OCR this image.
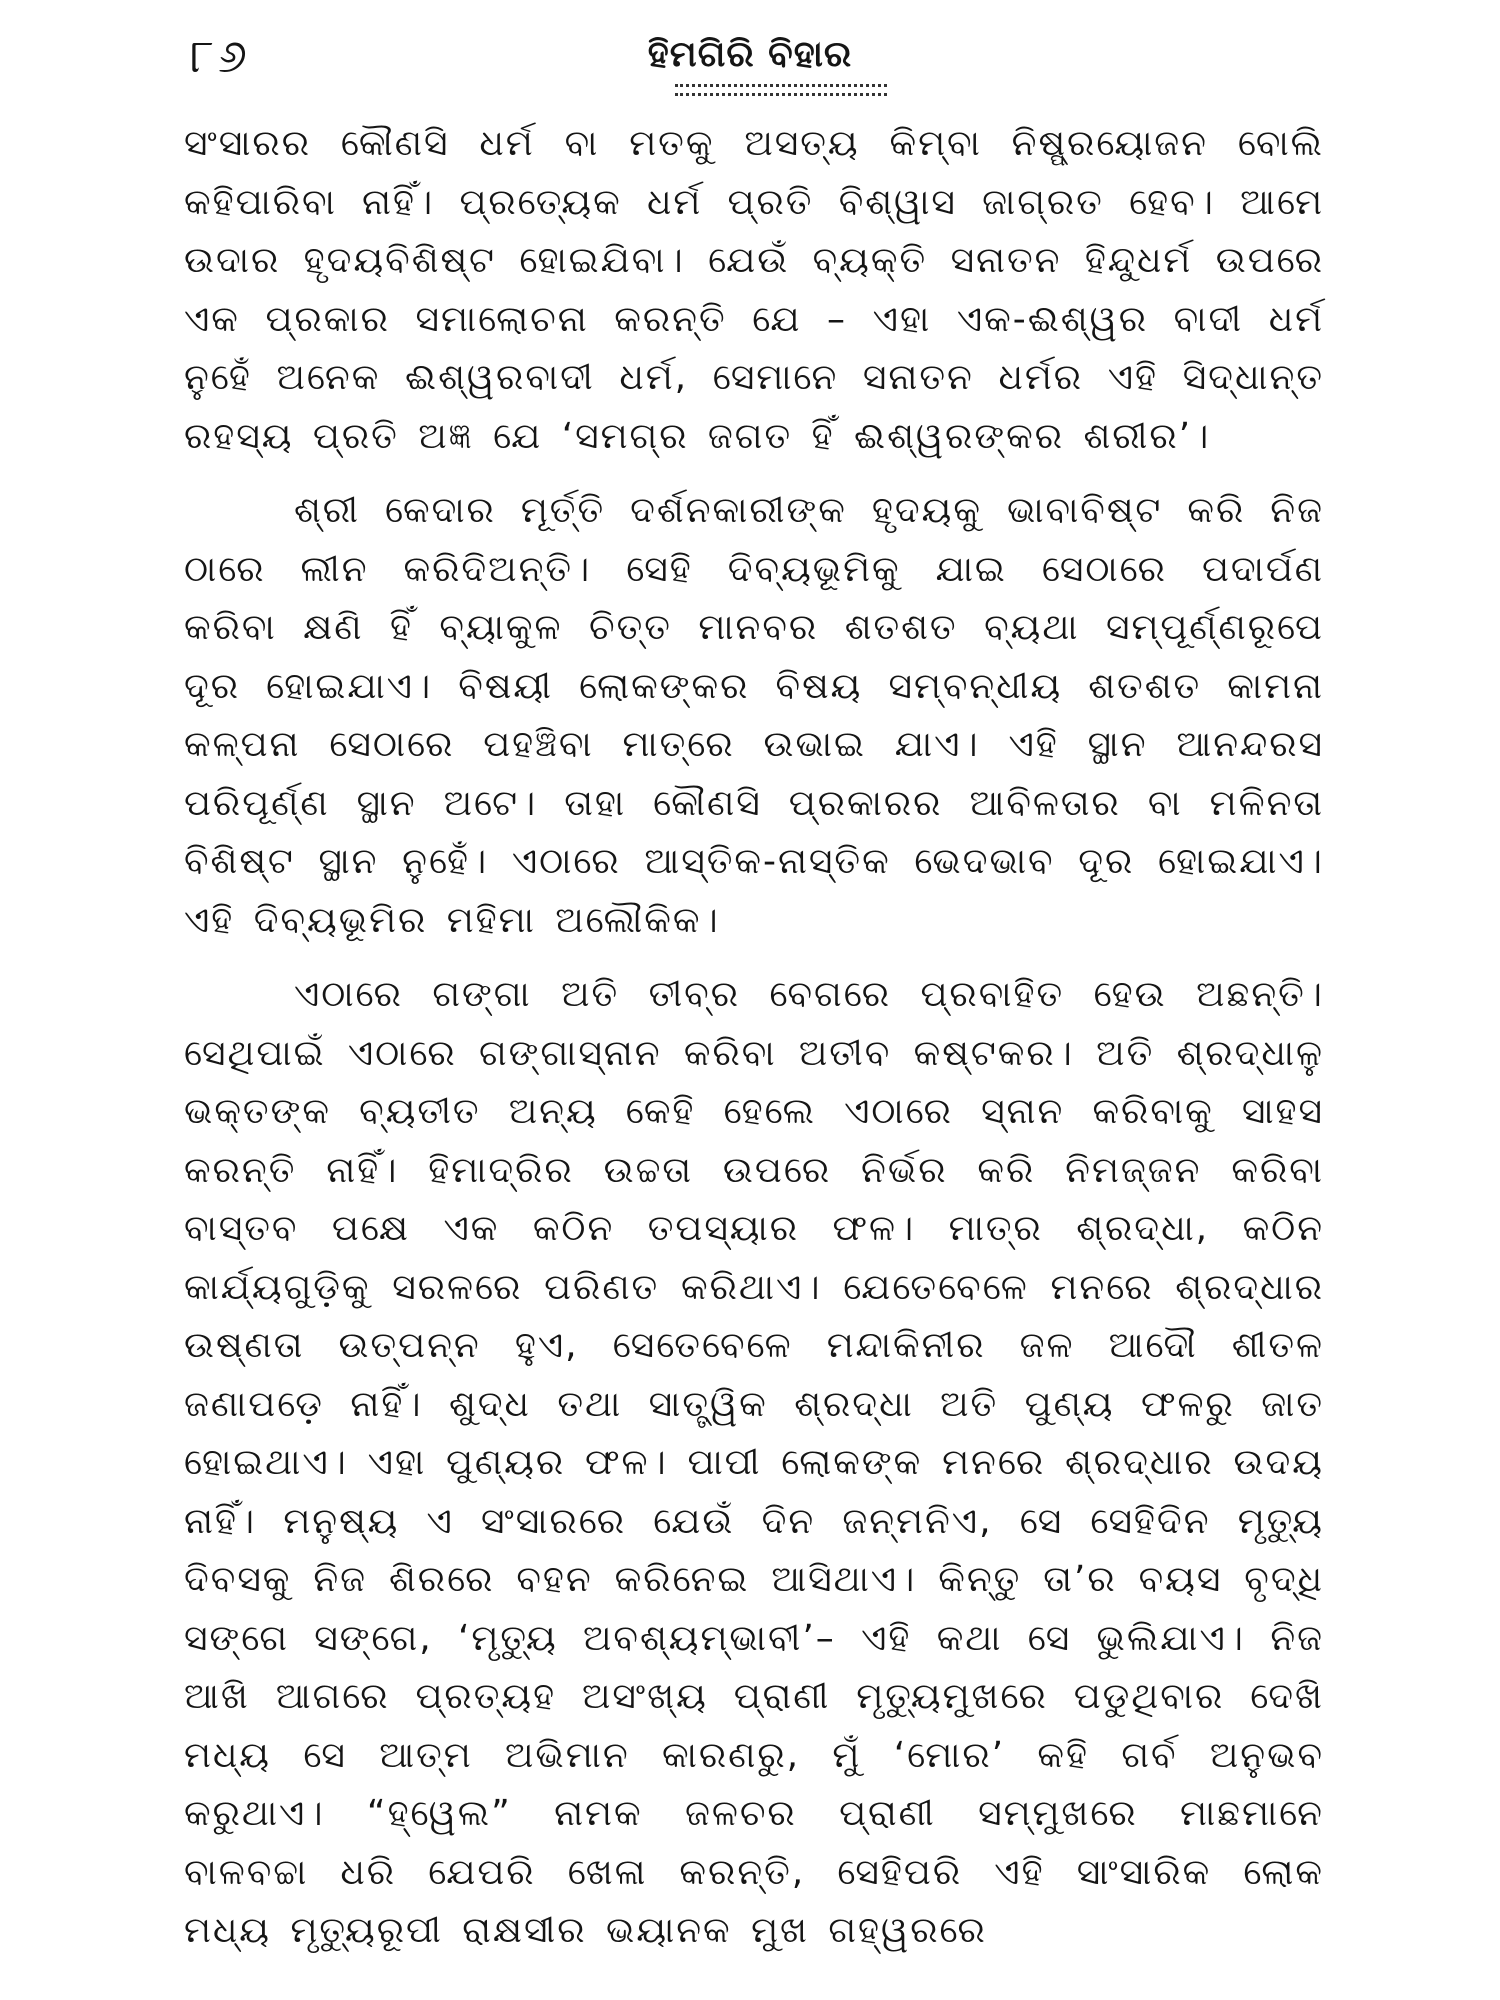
୮୬	ହିମଗିରି ବିହାର

ସଂସାରର କୌଣସି ଧର୍ମ ବା ମତକୁ ଅସତ୍ୟ କିମ୍ବା ନିଷ୍ପ୍ରୟୋଜନ ବୋଲି କହିପାରିବା ନାହିଁ। ପ୍ରତ୍ୟେକ ଧର୍ମ ପ୍ରତି ବିଶ୍ୱାସ ଜାଗ୍ରତ ହେବ। ଆମେ ଉଦାର ହୃଦୟବିଶିଷ୍ଟ ହୋଇଯିବା। ଯେଉଁ ବ୍ୟକ୍ତି ସନାତନ ହିନ୍ଦୁଧର୍ମ ଉପରେ ଏକ ପ୍ରକାର ସମାଲୋଚନା କରନ୍ତି ଯେ – ଏହା ଏକ-ଈଶ୍ୱର ବାଦୀ ଧର୍ମ ନୁହେଁ ଅନେକ ଈଶ୍ୱରବାଦୀ ଧର୍ମ, ସେମାନେ ସନାତନ ଧର୍ମର ଏହି ସିଦ୍ଧାନ୍ତ ରହସ୍ୟ ପ୍ରତି ଅଜ୍ଞ ଯେ ‘ସମଗ୍ର ଜଗତ ହିଁ ଈଶ୍ୱରଙ୍କର ଶରୀର’।

ଶ୍ରୀ କେଦାର ମୂର୍ତ୍ତି ଦର୍ଶନକାରୀଙ୍କ ହୃଦୟକୁ ଭାବାବିଷ୍ଟ କରି ନିଜ ଠାରେ ଲୀନ କରିଦିଅନ୍ତି। ସେହି ଦିବ୍ୟଭୂମିକୁ ଯାଇ ସେଠାରେ ପଦାର୍ପଣ କରିବା କ୍ଷଣି ହିଁ ବ୍ୟାକୁଳ ଚିତ୍ତ ମାନବର ଶତଶତ ବ୍ୟଥା ସମ୍ପୂର୍ଣ୍ଣରୂପେ ଦୂର ହୋଇଯାଏ। ବିଷୟୀ ଲୋକଙ୍କର ବିଷୟ ସମ୍ବନ୍ଧୀୟ ଶତଶତ କାମନା କଳ୍ପନା ସେଠାରେ ପହଞ୍ଚିବା ମାତ୍ରେ ଉଭାଇ ଯାଏ। ଏହି ସ୍ଥାନ ଆନନ୍ଦରସ ପରିପୂର୍ଣ୍ଣ ସ୍ଥାନ ଅଟେ। ତାହା କୌଣସି ପ୍ରକାରର ଆବିଳତାର ବା ମଳିନତା ବିଶିଷ୍ଟ ସ୍ଥାନ ନୁହେଁ। ଏଠାରେ ଆସ୍ତିକ-ନାସ୍ତିକ ଭେଦଭାବ ଦୂର ହୋଇଯାଏ। ଏହି ଦିବ୍ୟଭୂମିର ମହିମା ଅଲୌକିକ।

ଏଠାରେ ଗଙ୍ଗା ଅତି ତୀବ୍ର ବେଗରେ ପ୍ରବାହିତ ହେଉ ଅଛନ୍ତି। ସେଥିପାଇଁ ଏଠାରେ ଗଙ୍ଗାସ୍ନାନ କରିବା ଅତୀବ କଷ୍ଟକର। ଅତି ଶ୍ରଦ୍ଧାଳୁ ଭକ୍ତଙ୍କ ବ୍ୟତୀତ ଅନ୍ୟ କେହି ହେଲେ ଏଠାରେ ସ୍ନାନ କରିବାକୁ ସାହସ କରନ୍ତି ନାହିଁ। ହିମାଦ୍ରିର ଉଚ୍ଚତା ଉପରେ ନିର୍ଭର କରି ନିମଜ୍ଜନ କରିବା ବାସ୍ତବ ପକ୍ଷେ ଏକ କଠିନ ତପସ୍ୟାର ଫଳ। ମାତ୍ର ଶ୍ରଦ୍ଧା, କଠିନ କାର୍ଯ୍ୟଗୁଡ଼ିକୁ ସରଳରେ ପରିଣତ କରିଥାଏ। ଯେତେବେଳେ ମନରେ ଶ୍ରଦ୍ଧାର ଉଷ୍ଣତା ଉତ୍ପନ୍ନ ହୁଏ, ସେତେବେଳେ ମନ୍ଦାକିନୀର ଜଳ ଆଦୌ ଶୀତଳ ଜଣାପଡ଼େ ନାହିଁ। ଶୁଦ୍ଧ ତଥା ସାତ୍ତ୍ୱିକ ଶ୍ରଦ୍ଧା ଅତି ପୁଣ୍ୟ ଫଳରୁ ଜାତ ହୋଇଥାଏ। ଏହା ପୁଣ୍ୟର ଫଳ। ପାପୀ ଲୋକଙ୍କ ମନରେ ଶ୍ରଦ୍ଧାର ଉଦୟ ନାହିଁ। ମନୁଷ୍ୟ ଏ ସଂସାରରେ ଯେଉଁ ଦିନ ଜନ୍ମନିଏ, ସେ ସେହିଦିନ ମୃତ୍ୟୁ ଦିବସକୁ ନିଜ ଶିରରେ ବହନ କରିନେଇ ଆସିଥାଏ। କିନ୍ତୁ ତା’ର ବୟସ ବୃଦ୍ଧି ସଙ୍ଗେ ସଙ୍ଗେ, ‘ମୃତ୍ୟୁ ଅବଶ୍ୟମ୍ଭାବୀ’– ଏହି କଥା ସେ ଭୁଲିଯାଏ। ନିଜ ଆଖି ଆଗରେ ପ୍ରତ୍ୟହ ଅସଂଖ୍ୟ ପ୍ରାଣୀ ମୃତ୍ୟୁମୁଖରେ ପଡୁଥିବାର ଦେଖି ମଧ୍ୟ ସେ ଆତ୍ମ ଅଭିମାନ କାରଣରୁ, ମୁଁ ‘ମୋର’ କହି ଗର୍ବ ଅନୁଭବ କରୁଥାଏ। “ହ୍ୱେଲ” ନାମକ ଜଳଚର ପ୍ରାଣୀ ସମ୍ମୁଖରେ ମାଛମାନେ ବାଳବଚ୍ଚା ଧରି ଯେପରି ଖେଳା କରନ୍ତି, ସେହିପରି ଏହି ସାଂସାରିକ ଲୋକ ମଧ୍ୟ ମୃତ୍ୟୁରୂପୀ ରାକ୍ଷସୀର ଭୟାନକ ମୁଖ ଗହ୍ୱରରେ
